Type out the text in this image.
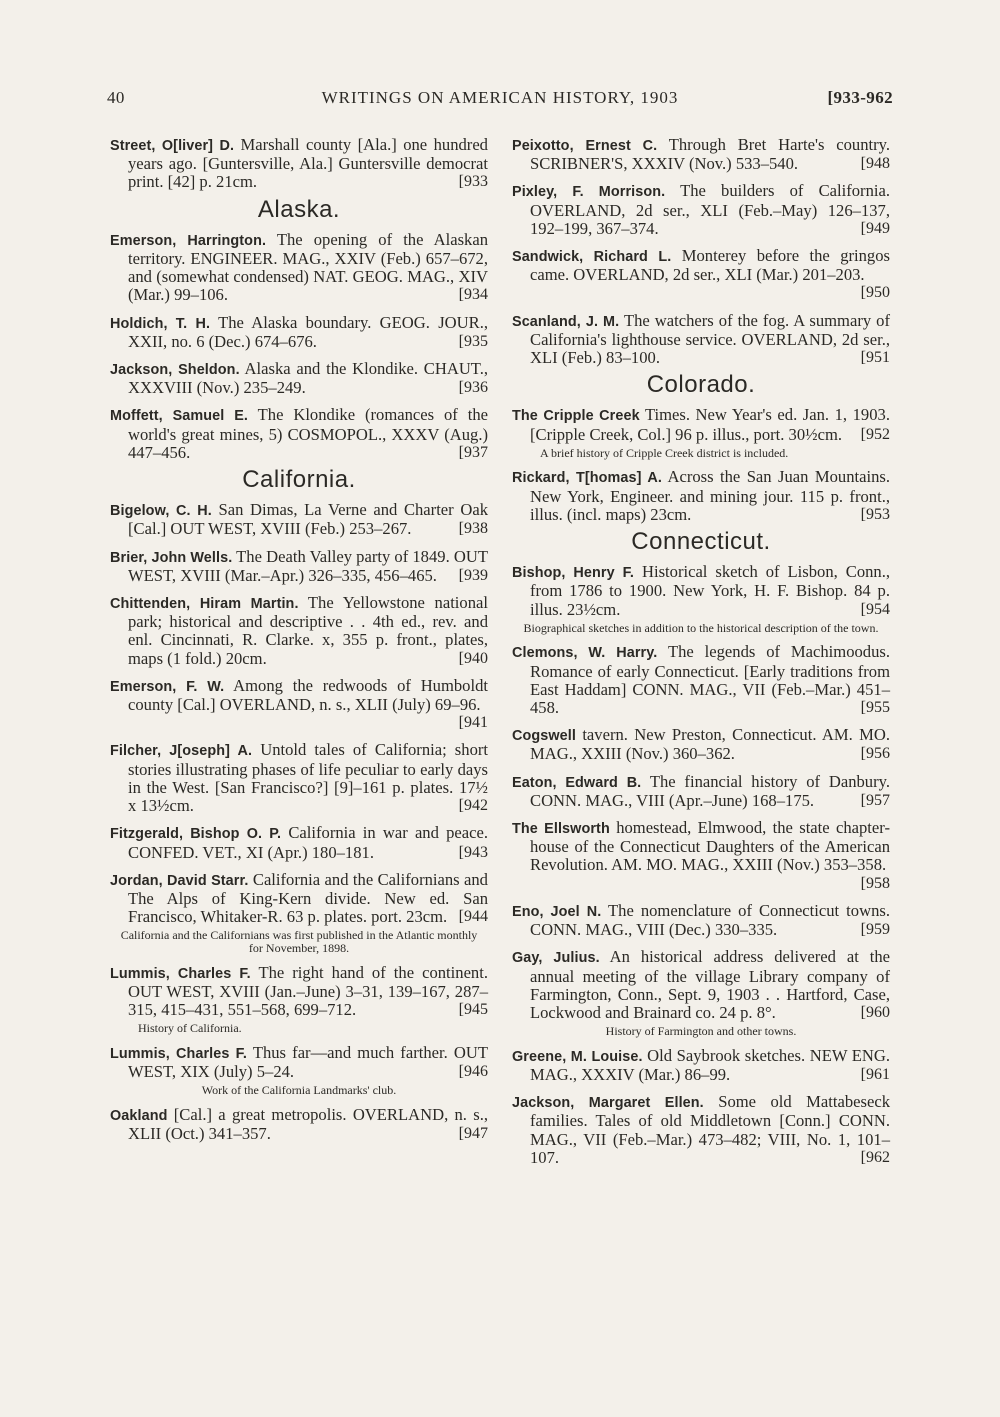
40	WRITINGS ON AMERICAN HISTORY, 1903	[933-962
Street, O[liver] D. Marshall county [Ala.] one hundred years ago. [Guntersville, Ala.] Guntersville democrat print. [42] p. 21cm.	[933
Alaska.
Emerson, Harrington. The opening of the Alaskan territory. ENGINEER. MAG., XXIV (Feb.) 657–672, and (somewhat condensed) NAT. GEOG. MAG., XIV (Mar.) 99–106.	[934
Holdich, T. H. The Alaska boundary. GEOG. JOUR., XXII, no. 6 (Dec.) 674–676.	[935
Jackson, Sheldon. Alaska and the Klondike. CHAUT., XXXVIII (Nov.) 235–249.	[936
Moffett, Samuel E. The Klondike (romances of the world's great mines, 5) COSMOPOL., XXXV (Aug.) 447–456.	[937
California.
Bigelow, C. H. San Dimas, La Verne and Charter Oak [Cal.] OUT WEST, XVIII (Feb.) 253–267.	[938
Brier, John Wells. The Death Valley party of 1849. OUT WEST, XVIII (Mar.–Apr.) 326–335, 456–465. [939
Chittenden, Hiram Martin. The Yellowstone national park; historical and descriptive . . 4th ed., rev. and enl. Cincinnati, R. Clarke. x, 355 p. front., plates, maps (1 fold.) 20cm.	[940
Emerson, F. W. Among the redwoods of Humboldt county [Cal.] OVERLAND, n. s., XLII (July) 69–96.
[941
Filcher, J[oseph] A. Untold tales of California; short stories illustrating phases of life peculiar to early days in the West. [San Francisco?] [9]–161 p. plates. 17½ x 13½cm.	[942
Fitzgerald, Bishop O. P. California in war and peace. CONFED. VET., XI (Apr.) 180–181.	[943
Jordan, David Starr. California and the Californians and The Alps of King-Kern divide. New ed. San Francisco, Whitaker-R. 63 p. plates. port. 23cm. [944
California and the Californians was first published in the Atlantic monthly for November, 1898.
Lummis, Charles F. The right hand of the continent. OUT WEST, XVIII (Jan.–June) 3–31, 139–167, 287–315, 415–431, 551–568, 699–712.	[945
History of California.
Lummis, Charles F. Thus far—and much farther. OUT WEST, XIX (July) 5–24.	[946
Work of the California Landmarks' club.
Oakland [Cal.] a great metropolis. OVERLAND, n. s., XLII (Oct.) 341–357.	[947
Peixotto, Ernest C. Through Bret Harte's country. SCRIBNER'S, XXXIV (Nov.) 533–540.	[948
Pixley, F. Morrison. The builders of California. OVERLAND, 2d ser., XLI (Feb.–May) 126–137, 192–199, 367–374.	[949
Sandwick, Richard L. Monterey before the gringos came. OVERLAND, 2d ser., XLI (Mar.) 201–203.
[950
Scanland, J. M. The watchers of the fog. A summary of California's lighthouse service. OVERLAND, 2d ser., XLI (Feb.) 83–100.	[951
Colorado.
The Cripple Creek Times. New Year's ed. Jan. 1, 1903. [Cripple Creek, Col.] 96 p. illus., port. 30½cm. [952
A brief history of Cripple Creek district is included.
Rickard, T[homas] A. Across the San Juan Mountains. New York, Engineer. and mining jour. 115 p. front., illus. (incl. maps) 23cm.	[953
Connecticut.
Bishop, Henry F. Historical sketch of Lisbon, Conn., from 1786 to 1900. New York, H. F. Bishop. 84 p. illus. 23½cm.	[954
Biographical sketches in addition to the historical description of the town.
Clemons, W. Harry. The legends of Machimoodus. Romance of early Connecticut. [Early traditions from East Haddam] CONN. MAG., VII (Feb.–Mar.) 451–458.	[955
Cogswell tavern. New Preston, Connecticut. AM. MO. MAG., XXIII (Nov.) 360–362.	[956
Eaton, Edward B. The financial history of Danbury. CONN. MAG., VIII (Apr.–June) 168–175.	[957
The Ellsworth homestead, Elmwood, the state chapter-house of the Connecticut Daughters of the American Revolution. AM. MO. MAG., XXIII (Nov.) 353–358.
[958
Eno, Joel N. The nomenclature of Connecticut towns. CONN. MAG., VIII (Dec.) 330–335.	[959
Gay, Julius. An historical address delivered at the annual meeting of the village Library company of Farmington, Conn., Sept. 9, 1903 . . Hartford, Case, Lockwood and Brainard co. 24 p. 8°.	[960
History of Farmington and other towns.
Greene, M. Louise. Old Saybrook sketches. NEW ENG. MAG., XXXIV (Mar.) 86–99.	[961
Jackson, Margaret Ellen. Some old Mattabeseck families. Tales of old Middletown [Conn.] CONN. MAG., VII (Feb.–Mar.) 473–482; VIII, No. 1, 101–107.	[962
